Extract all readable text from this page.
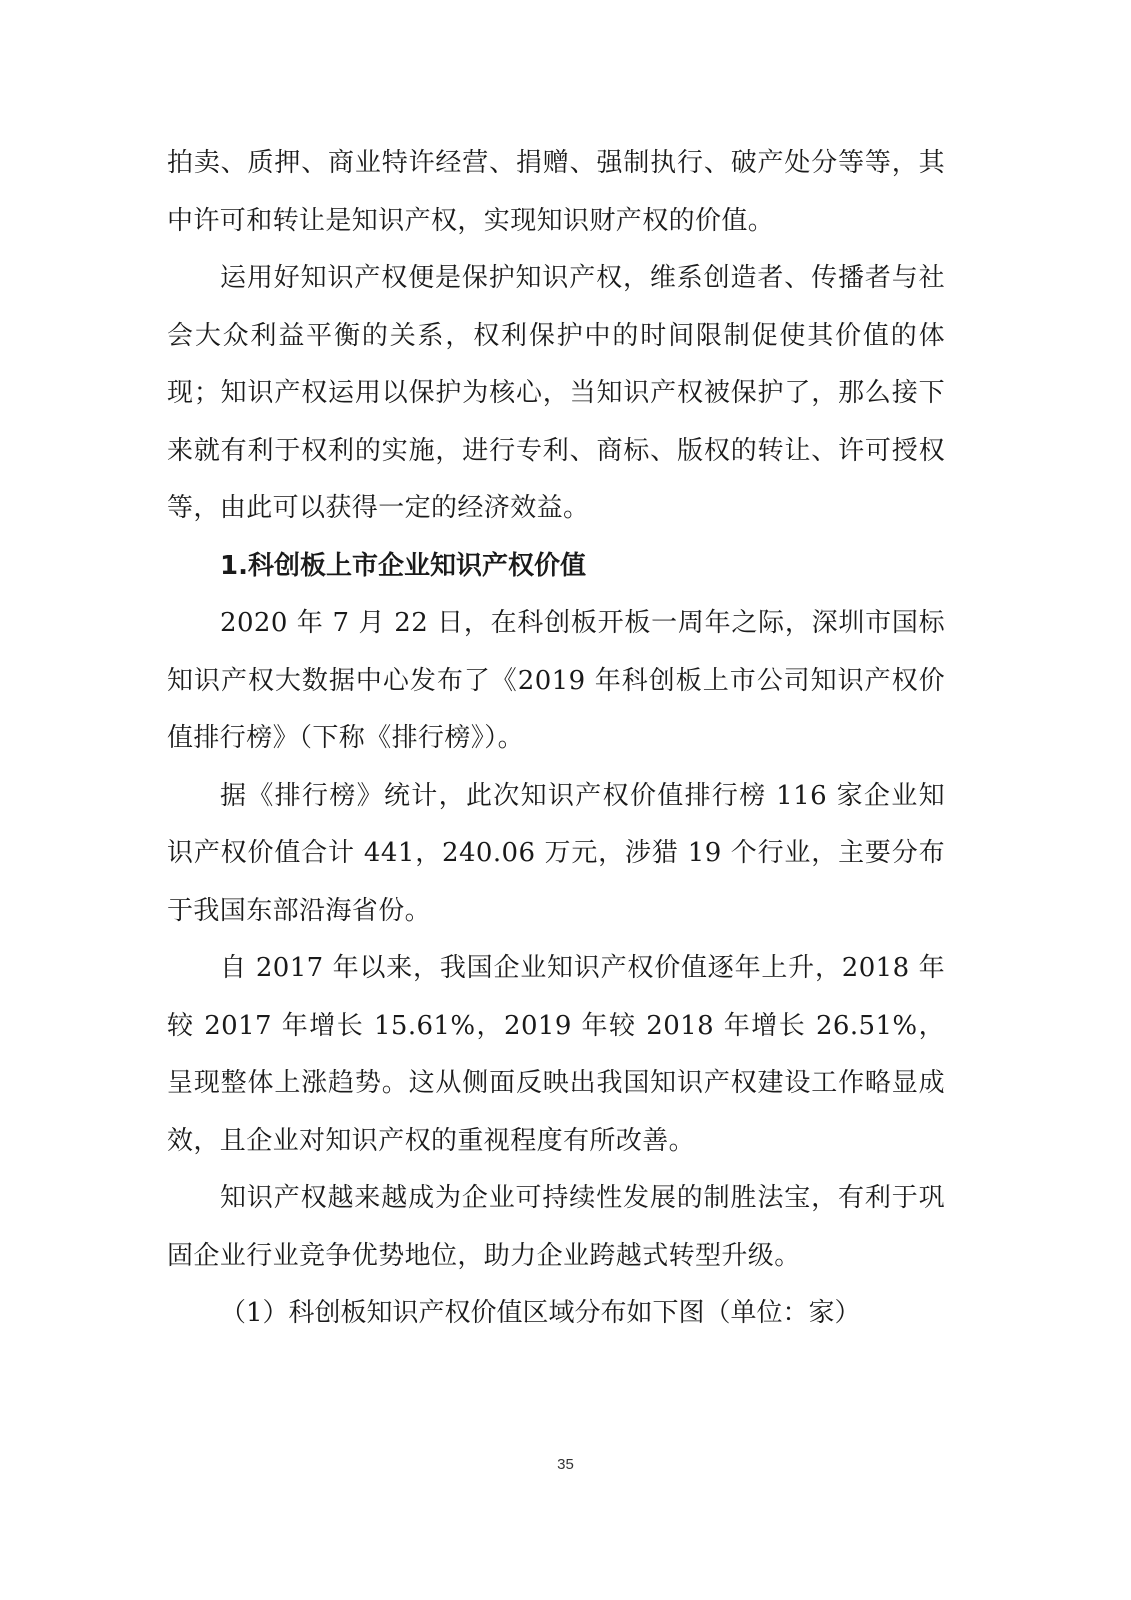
拍卖、质押、商业特许经营、捐赠、强制执行、破产处分等等，其中许可和转让是知识产权，实现知识财产权的价值。

运用好知识产权便是保护知识产权，维系创造者、传播者与社会大众利益平衡的关系，权利保护中的时间限制促使其价值的体现；知识产权运用以保护为核心，当知识产权被保护了，那么接下来就有利于权利的实施，进行专利、商标、版权的转让、许可授权等，由此可以获得一定的经济效益。

1.科创板上市企业知识产权价值

2020 年 7 月 22 日，在科创板开板一周年之际，深圳市国标知识产权大数据中心发布了《2019 年科创板上市公司知识产权价值排行榜》（下称《排行榜》）。

据《排行榜》统计，此次知识产权价值排行榜 116 家企业知识产权价值合计 441，240.06 万元，涉猎 19 个行业，主要分布于我国东部沿海省份。

自 2017 年以来，我国企业知识产权价值逐年上升，2018 年较 2017 年增长 15.61%，2019 年较 2018 年增长 26.51%，呈现整体上涨趋势。这从侧面反映出我国知识产权建设工作略显成效，且企业对知识产权的重视程度有所改善。

知识产权越来越成为企业可持续性发展的制胜法宝，有利于巩固企业行业竞争优势地位，助力企业跨越式转型升级。

（1）科创板知识产权价值区域分布如下图（单位：家）

35
